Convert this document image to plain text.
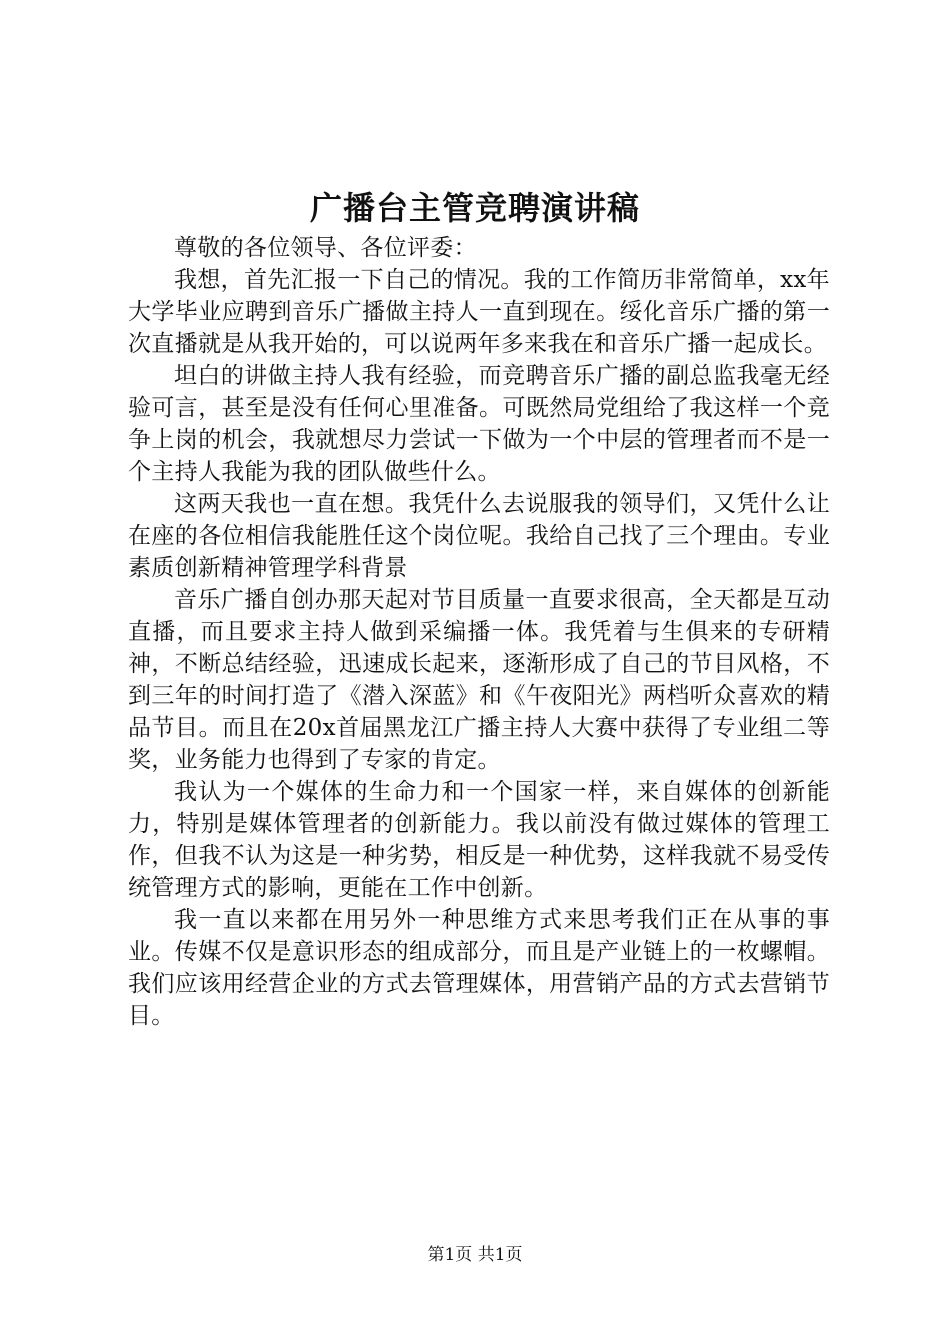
广播台主管竞聘演讲稿

尊敬的各位领导、各位评委：

我想，首先汇报一下自己的情况。我的工作简历非常简单，xx年大学毕业应聘到音乐广播做主持人一直到现在。绥化音乐广播的第一次直播就是从我开始的，可以说两年多来我在和音乐广播一起成长。

坦白的讲做主持人我有经验，而竞聘音乐广播的副总监我毫无经验可言，甚至是没有任何心里准备。可既然局党组给了我这样一个竞争上岗的机会，我就想尽力尝试一下做为一个中层的管理者而不是一个主持人我能为我的团队做些什么。

这两天我也一直在想。我凭什么去说服我的领导们，又凭什么让在座的各位相信我能胜任这个岗位呢。我给自己找了三个理由。专业素质创新精神管理学科背景

音乐广播自创办那天起对节目质量一直要求很高，全天都是互动直播，而且要求主持人做到采编播一体。我凭着与生俱来的专研精神，不断总结经验，迅速成长起来，逐渐形成了自己的节目风格，不到三年的时间打造了《潜入深蓝》和《午夜阳光》两档听众喜欢的精品节目。而且在20x首届黑龙江广播主持人大赛中获得了专业组二等奖，业务能力也得到了专家的肯定。

我认为一个媒体的生命力和一个国家一样，来自媒体的创新能力，特别是媒体管理者的创新能力。我以前没有做过媒体的管理工作，但我不认为这是一种劣势，相反是一种优势，这样我就不易受传统管理方式的影响，更能在工作中创新。

我一直以来都在用另外一种思维方式来思考我们正在从事的事业。传媒不仅是意识形态的组成部分，而且是产业链上的一枚螺帽。我们应该用经营企业的方式去管理媒体，用营销产品的方式去营销节目。

第1页 共1页
